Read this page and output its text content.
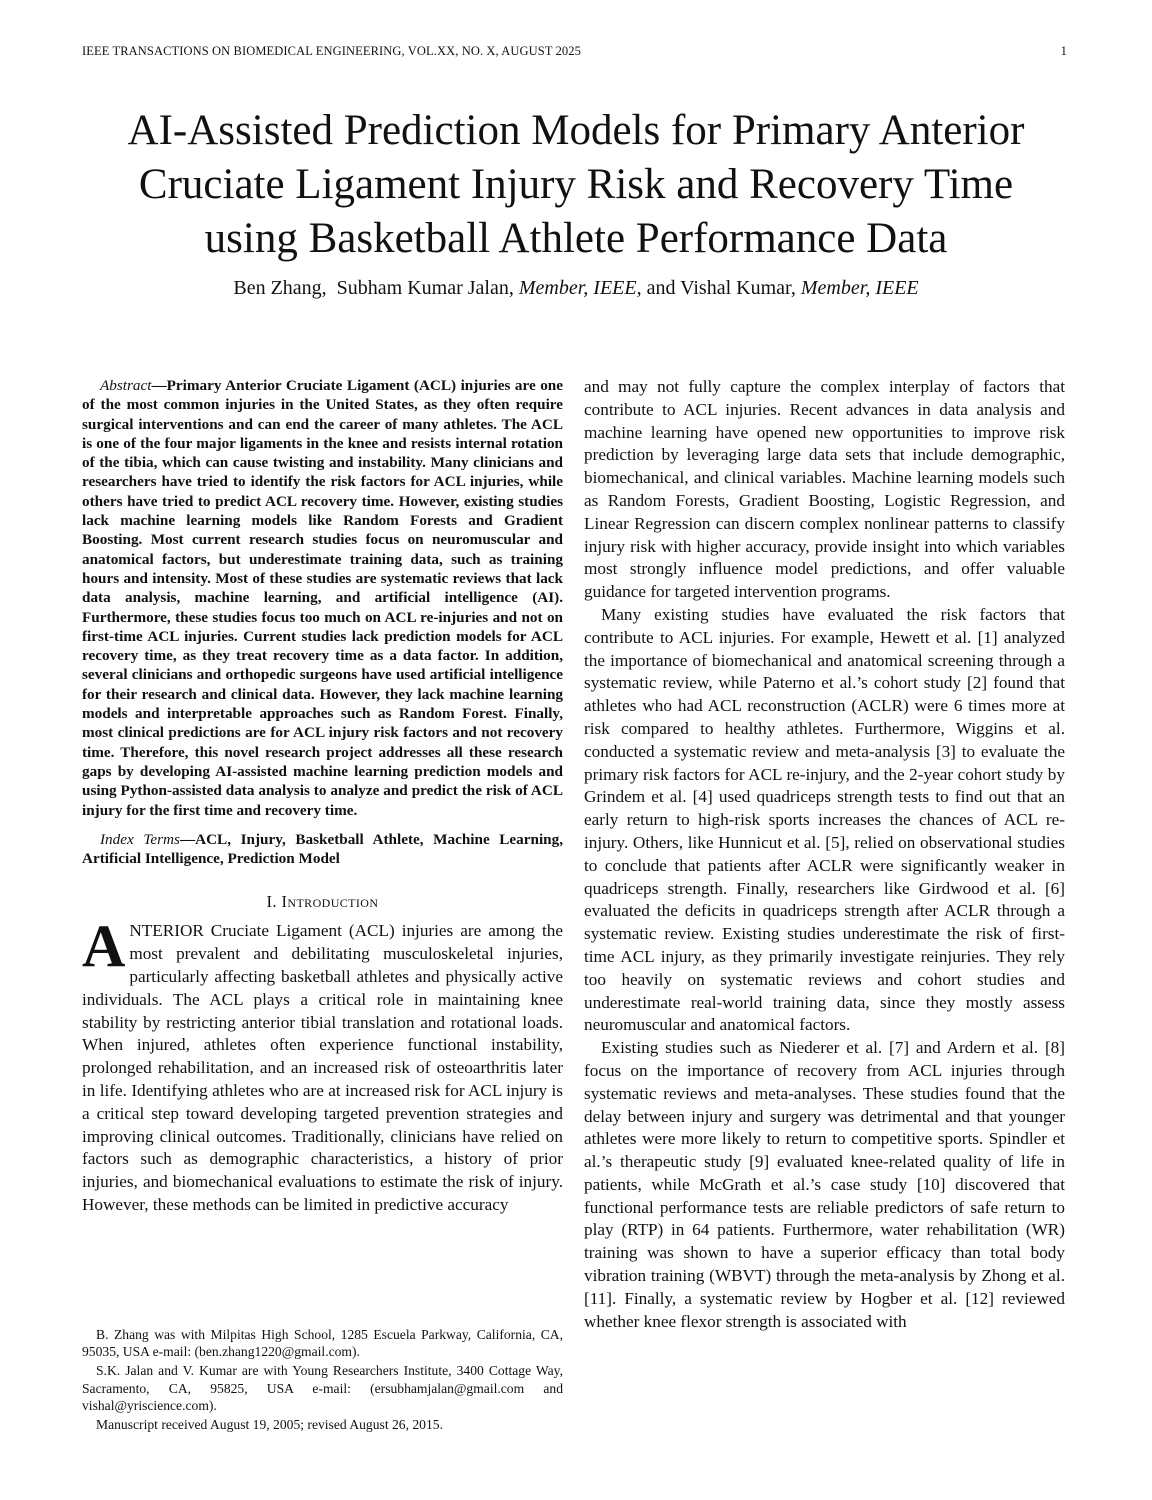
IEEE TRANSACTIONS ON BIOMEDICAL ENGINEERING, VOL.XX, NO. X, AUGUST 2025	1
AI-Assisted Prediction Models for Primary Anterior
Cruciate Ligament Injury Risk and Recovery Time
using Basketball Athlete Performance Data
Ben Zhang, Subham Kumar Jalan, Member, IEEE, and Vishal Kumar, Member, IEEE

Abstract—Primary Anterior Cruciate Ligament (ACL) injuries are one of the most common injuries in the United States, as they often require surgical interventions and can end the career of many athletes. The ACL is one of the four major ligaments in the knee and resists internal rotation of the tibia, which can cause twisting and instability. Many clinicians and researchers have tried to identify the risk factors for ACL injuries, while others have tried to predict ACL recovery time. However, existing studies lack machine learning models like Random Forests and Gradient Boosting. Most current research studies focus on neuromuscular and anatomical factors, but underestimate training data, such as training hours and intensity. Most of these studies are systematic reviews that lack data analysis, machine learning, and artificial intelligence (AI). Furthermore, these studies focus too much on ACL re-injuries and not on first-time ACL injuries. Current studies lack prediction models for ACL recovery time, as they treat recovery time as a data factor. In addition, several clinicians and orthopedic surgeons have used artificial intelligence for their research and clinical data. However, they lack machine learning models and interpretable approaches such as Random Forest. Finally, most clinical predictions are for ACL injury risk factors and not recovery time. Therefore, this novel research project addresses all these research gaps by developing AI-assisted machine learning prediction models and using Python-assisted data analysis to analyze and predict the risk of ACL injury for the first time and recovery time.

Index Terms—ACL, Injury, Basketball Athlete, Machine Learning, Artificial Intelligence, Prediction Model

I. Introduction

ANTERIOR Cruciate Ligament (ACL) injuries are among the most prevalent and debilitating musculoskeletal injuries, particularly affecting basketball athletes and physically active individuals. The ACL plays a critical role in maintaining knee stability by restricting anterior tibial translation and rotational loads. When injured, athletes often experience functional instability, prolonged rehabilitation, and an increased risk of osteoarthritis later in life. Identifying athletes who are at increased risk for ACL injury is a critical step toward developing targeted prevention strategies and improving clinical outcomes. Traditionally, clinicians have relied on factors such as demographic characteristics, a history of prior injuries, and biomechanical evaluations to estimate the risk of injury. However, these methods can be limited in predictive accuracy

and may not fully capture the complex interplay of factors that contribute to ACL injuries. Recent advances in data analysis and machine learning have opened new opportunities to improve risk prediction by leveraging large data sets that include demographic, biomechanical, and clinical variables. Machine learning models such as Random Forests, Gradient Boosting, Logistic Regression, and Linear Regression can discern complex nonlinear patterns to classify injury risk with higher accuracy, provide insight into which variables most strongly influence model predictions, and offer valuable guidance for targeted intervention programs.

Many existing studies have evaluated the risk factors that contribute to ACL injuries. For example, Hewett et al. [1] analyzed the importance of biomechanical and anatomical screening through a systematic review, while Paterno et al.’s cohort study [2] found that athletes who had ACL reconstruction (ACLR) were 6 times more at risk compared to healthy athletes. Furthermore, Wiggins et al. conducted a systematic review and meta-analysis [3] to evaluate the primary risk factors for ACL re-injury, and the 2-year cohort study by Grindem et al. [4] used quadriceps strength tests to find out that an early return to high-risk sports increases the chances of ACL re-injury. Others, like Hunnicut et al. [5], relied on observational studies to conclude that patients after ACLR were significantly weaker in quadriceps strength. Finally, researchers like Girdwood et al. [6] evaluated the deficits in quadriceps strength after ACLR through a systematic review. Existing studies underestimate the risk of first-time ACL injury, as they primarily investigate reinjuries. They rely too heavily on systematic reviews and cohort studies and underestimate real-world training data, since they mostly assess neuromuscular and anatomical factors.

Existing studies such as Niederer et al. [7] and Ardern et al. [8] focus on the importance of recovery from ACL injuries through systematic reviews and meta-analyses. These studies found that the delay between injury and surgery was detrimental and that younger athletes were more likely to return to competitive sports. Spindler et al.’s therapeutic study [9] evaluated knee-related quality of life in patients, while McGrath et al.’s case study [10] discovered that functional performance tests are reliable predictors of safe return to play (RTP) in 64 patients. Furthermore, water rehabilitation (WR) training was shown to have a superior efficacy than total body vibration training (WBVT) through the meta-analysis by Zhong et al. [11]. Finally, a systematic review by Hogber et al. [12] reviewed whether knee flexor strength is associated with

B. Zhang was with Milpitas High School, 1285 Escuela Parkway, California, CA, 95035, USA e-mail: (ben.zhang1220@gmail.com).

S.K. Jalan and V. Kumar are with Young Researchers Institute, 3400 Cottage Way, Sacramento, CA, 95825, USA e-mail: (ersubhamjalan@gmail.com and vishal@yriscience.com).

Manuscript received August 19, 2005; revised August 26, 2015.
